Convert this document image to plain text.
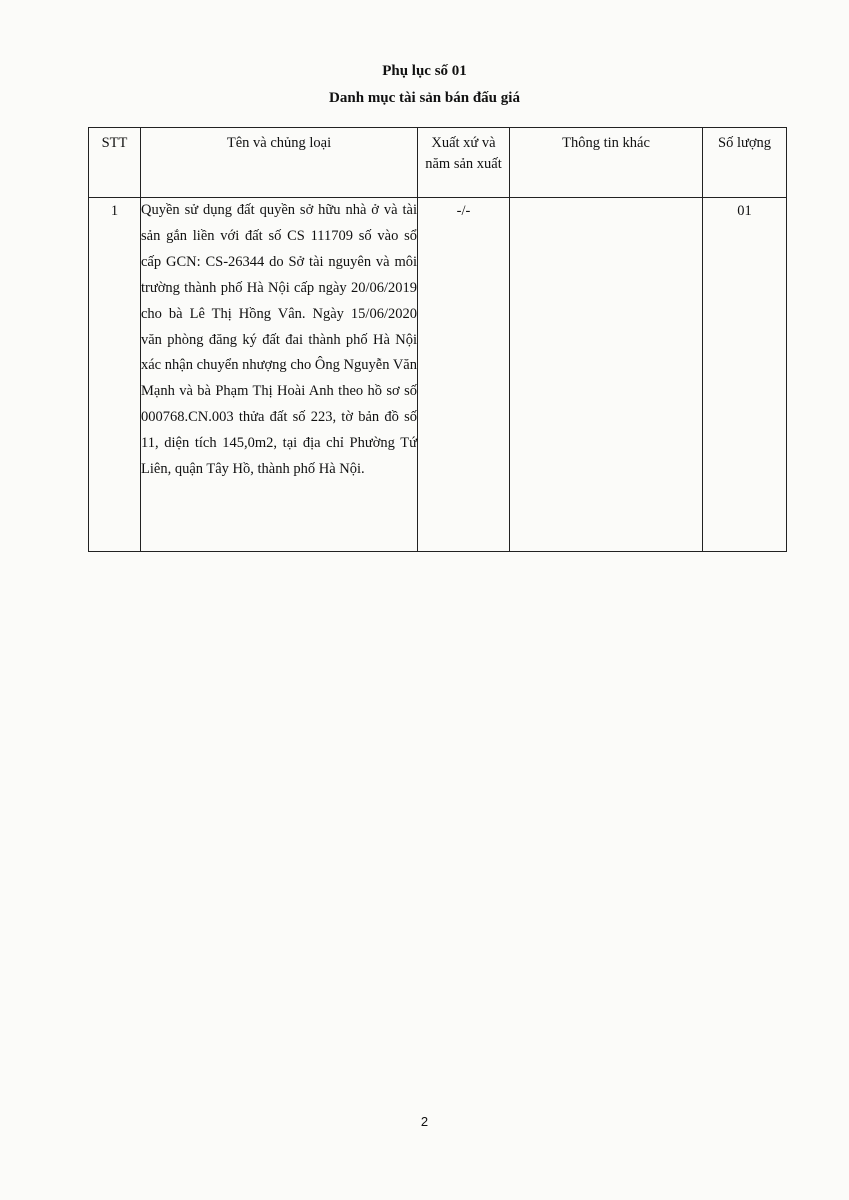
Phụ lục số 01
Danh mục tài sản bán đấu giá
STT	Tên và chủng loại	Xuất xứ và năm sản xuất	Thông tin khác	Số lượng
1	Quyền sử dụng đất quyền sở hữu nhà ở và tài sản gắn liền với đất số CS 111709 số vào sổ cấp GCN: CS-26344 do Sở tài nguyên và môi trường thành phố Hà Nội cấp ngày 20/06/2019 cho bà Lê Thị Hồng Vân. Ngày 15/06/2020 văn phòng đăng ký đất đai thành phố Hà Nội xác nhận chuyển nhượng cho Ông Nguyễn Văn Mạnh và bà Phạm Thị Hoài Anh theo hồ sơ số 000768.CN.003 thửa đất số 223, tờ bản đồ số 11, diện tích 145,0m2, tại địa chỉ Phường Tứ Liên, quận Tây Hồ, thành phố Hà Nội.	-/-		01
2
